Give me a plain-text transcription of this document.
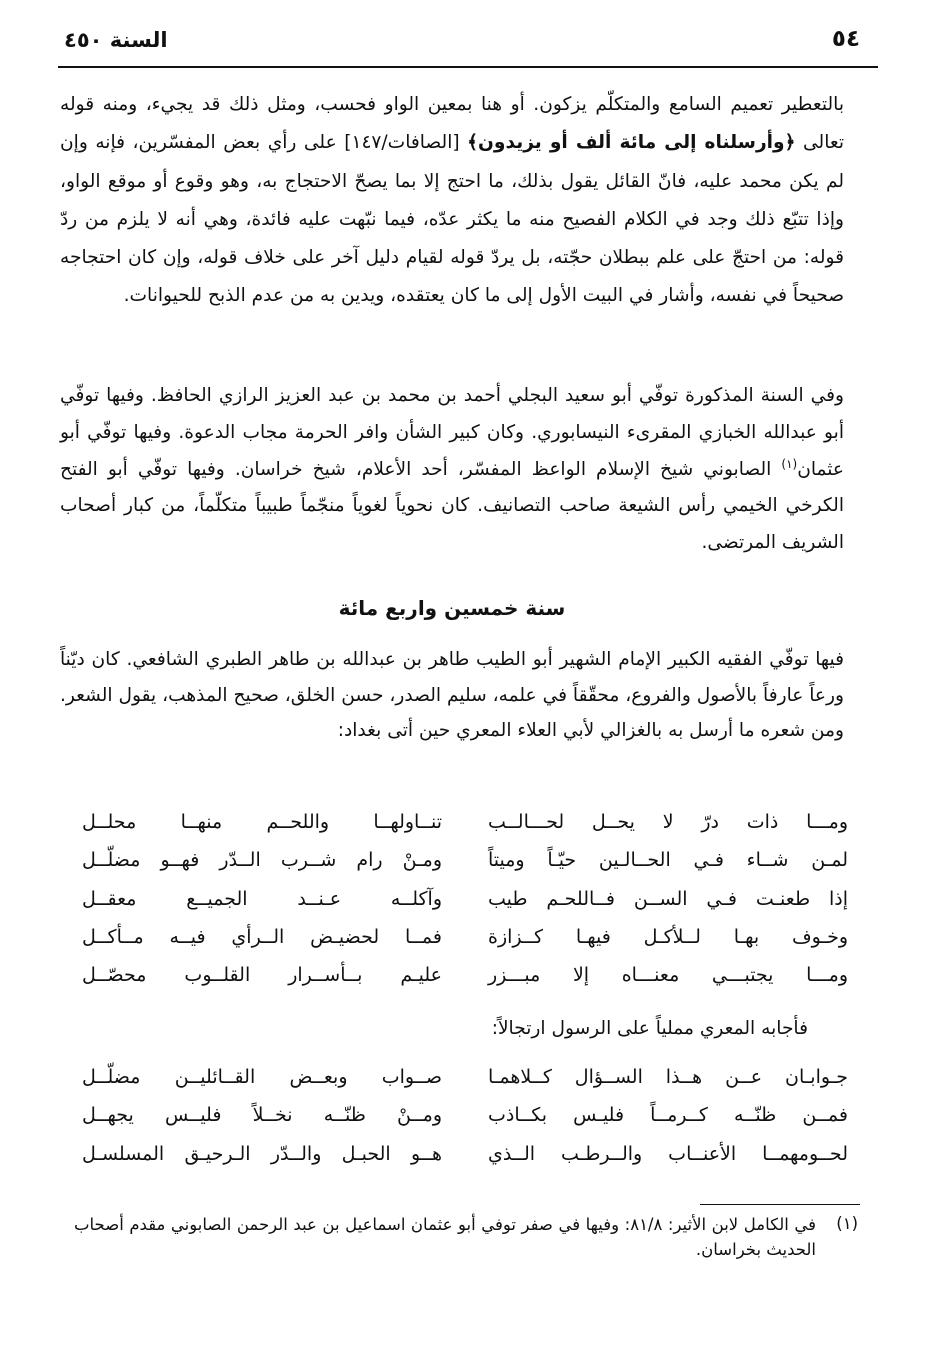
السنة ٤٥٠	٥٤
بالتعطير تعميم السامع والمتكلّم يزكون. أو هنا بمعين الواو فحسب، ومثل ذلك قد يجيء، ومنه قوله تعالى ﴿وأرسلناه إلى مائة ألف أو يزيدون﴾ [الصافات/١٤٧] على رأي بعض المفسّرين، فإنه وإن لم يكن محمد عليه، فانّ القائل يقول بذلك، ما احتج إلا بما يصحّ الاحتجاج به، وهو وقوع أو موقع الواو، وإذا تتبّع ذلك وجد في الكلام الفصيح منه ما يكثر عدّه، فيما نبّهت عليه فائدة، وهي أنه لا يلزم من ردّ قوله: من احتجّ على علم ببطلان حجّته، بل يردّ قوله لقيام دليل آخر على خلاف قوله، وإن كان احتجاجه صحيحاً في نفسه، وأشار في البيت الأول إلى ما كان يعتقده، ويدين به من عدم الذبح للحيوانات.
وفي السنة المذكورة توفّي أبو سعيد البجلي أحمد بن محمد بن عبد العزيز الرازي الحافظ. وفيها توفّي أبو عبدالله الخبازي المقرىء النيسابوري. وكان كبير الشأن وافر الحرمة مجاب الدعوة. وفيها توفّي أبو عثمان$^{(١)}$ الصابوني شيخ الإسلام الواعظ المفسّر، أحد الأعلام، شيخ خراسان. وفيها توفّي أبو الفتح الكرخي الخيمي رأس الشيعة صاحب التصانيف. كان نحوياً لغوياً منجّماً طبيباً متكلّماً، من كبار أصحاب الشريف المرتضى.
سنة خمسين واربع مائة
فيها توفّي الفقيه الكبير الإمام الشهير أبو الطيب طاهر بن عبدالله بن طاهر الطبري الشافعي. كان ديّناً ورعاً عارفاً بالأصول والفروع، محقّقاً في علمه، سليم الصدر، حسن الخلق، صحيح المذهب، يقول الشعر. ومن شعره ما أرسل به بالغزالي لأبي العلاء المعري حين أتى بغداد:
ومـــا ذات درّ لا يحــل لحـــالــب
تنــاولهــا واللحــم منهــا محلــل
لمـن شــاء فـي الحــالـين حيّـاً وميتاً
ومـنْ رام شــرب الــدّر فهــو مضلّــل
إذا طعنـت فـي الســن فــاللحـم طيب
وآكلــه عـنــد الجميــع معقــل
وخـوف بهـا لــلأكـل فيهـا كــزازة
فمــا لحضيـض الــرأي فيــه مــأكــل
ومـــا يجتبـــي معنـــاه إلا مبـــزر
عليـم بــأســرار القلــوب محصّــل
فأجابه المعري مملياً على الرسول ارتجالاً:
جـوابـان عــن هــذا الســؤال كــلاهمـا
صــواب وبعــض القــائليــن مضلّــل
فمــن ظنّــه كــرمــاً فليـس بكــاذب
ومــنْ ظنّــه نخــلاً فليــس يجهــل
لحــومهمــا الأعنــاب والــرطـب الــذي
هــو الحبـل والــدّر الـرحيـق المسلسـل
(١)
في الكامل لابن الأثير: ٨١/٨: وفيها في صفر توفي أبو عثمان اسماعيل بن عبد الرحمن الصابوني مقدم أصحاب الحديث بخراسان.
